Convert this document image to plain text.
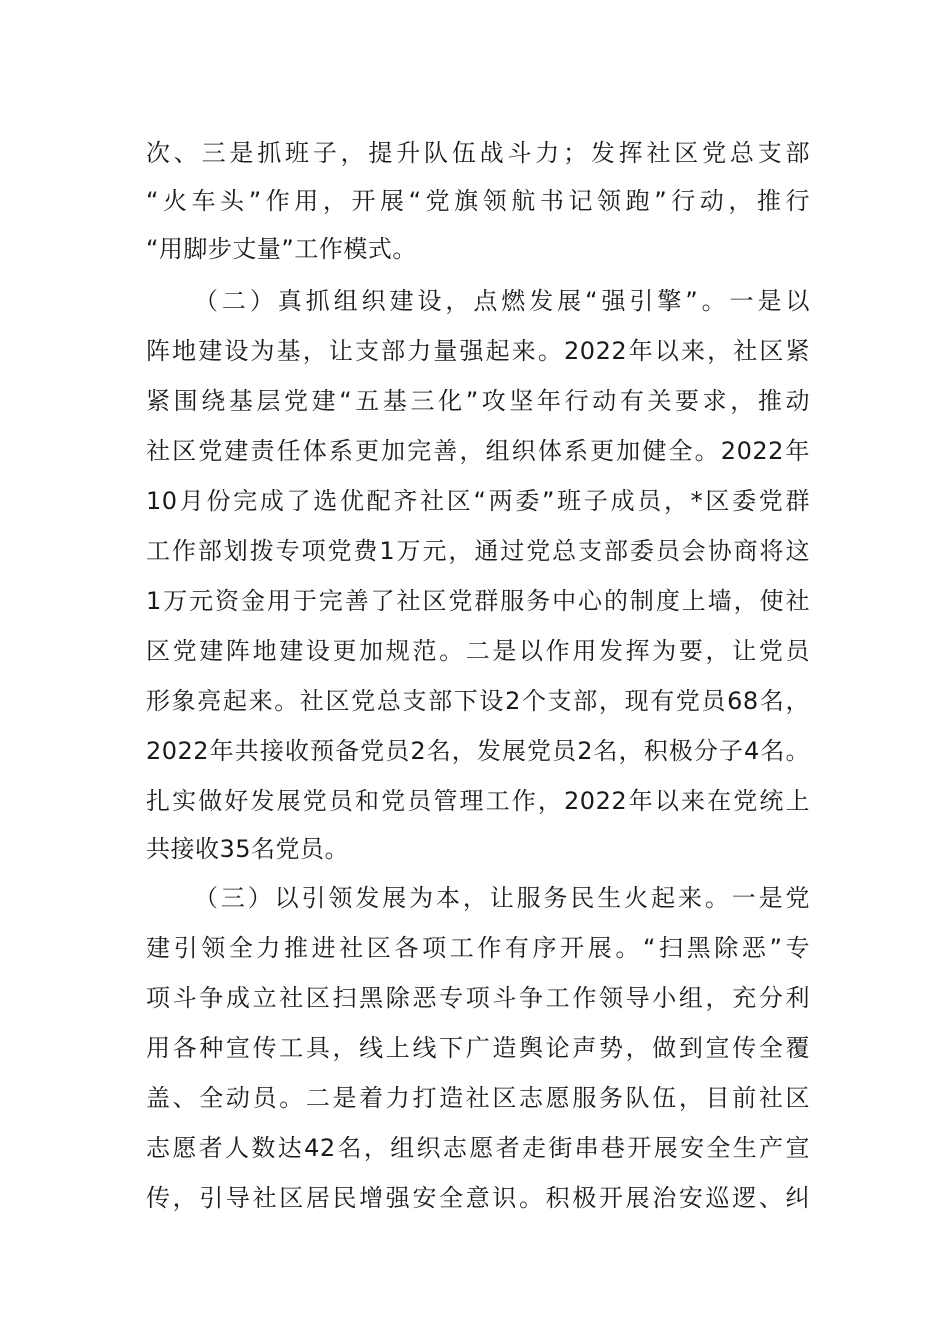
次、三是抓班子，提升队伍战斗力；发挥社区党总支部
“火车头”作用，开展“党旗领航书记领跑”行动，推行
“用脚步丈量”工作模式。
（二）真抓组织建设，点燃发展“强引擎”。一是以
阵地建设为基，让支部力量强起来。2022年以来，社区紧
紧围绕基层党建“五基三化”攻坚年行动有关要求，推动
社区党建责任体系更加完善，组织体系更加健全。2022年
10月份完成了选优配齐社区“两委”班子成员，*区委党群
工作部划拨专项党费1万元，通过党总支部委员会协商将这
1万元资金用于完善了社区党群服务中心的制度上墙，使社
区党建阵地建设更加规范。二是以作用发挥为要，让党员
形象亮起来。社区党总支部下设2个支部，现有党员68名，
2022年共接收预备党员2名，发展党员2名，积极分子4名。
扎实做好发展党员和党员管理工作，2022年以来在党统上
共接收35名党员。
（三）以引领发展为本，让服务民生火起来。一是党
建引领全力推进社区各项工作有序开展。“扫黑除恶”专
项斗争成立社区扫黑除恶专项斗争工作领导小组，充分利
用各种宣传工具，线上线下广造舆论声势，做到宣传全覆
盖、全动员。二是着力打造社区志愿服务队伍，目前社区
志愿者人数达42名，组织志愿者走街串巷开展安全生产宣
传，引导社区居民增强安全意识。积极开展治安巡逻、纠
